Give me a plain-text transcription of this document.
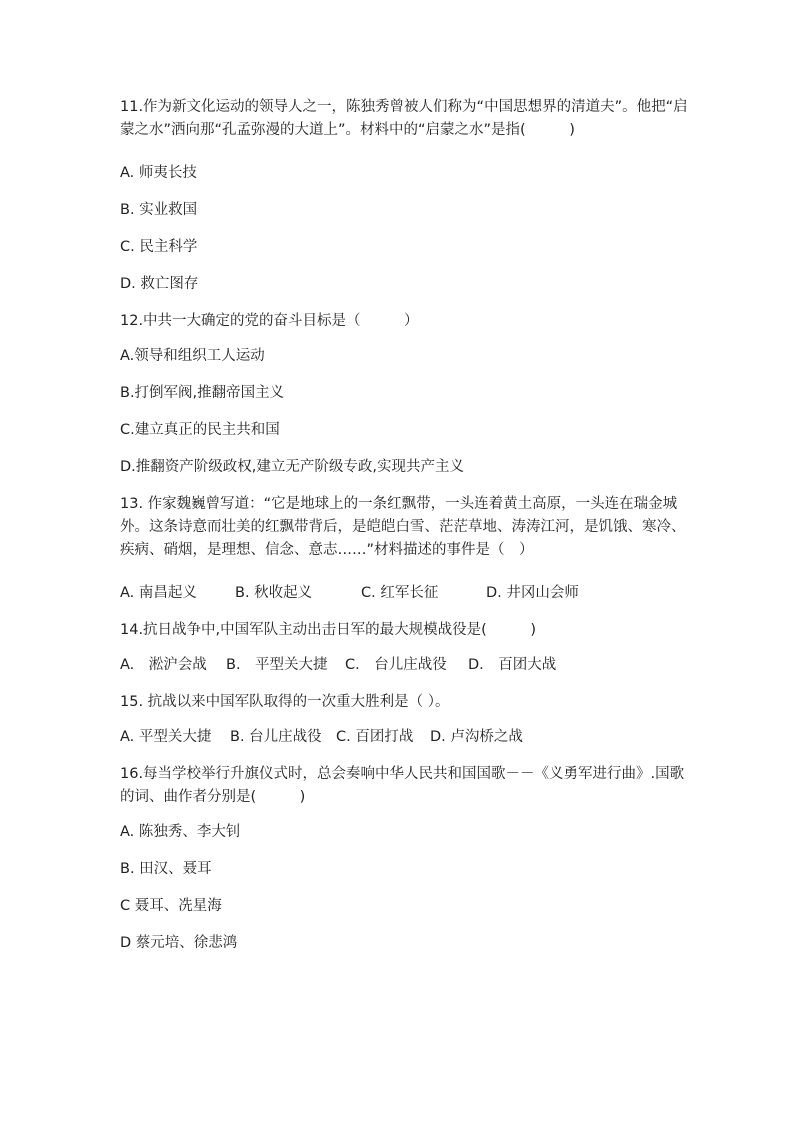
11.作为新文化运动的领导人之一，陈独秀曾被人们称为“中国思想界的清道夫”。他把“启蒙之水”洒向那“孔孟弥漫的大道上”。材料中的“启蒙之水”是指(　　　)
A. 师夷长技
B. 实业救国
C. 民主科学
D. 救亡图存
12.中共一大确定的党的奋斗目标是（　　　）
A.领导和组织工人运动
B.打倒军阀,推翻帝国主义
C.建立真正的民主共和国
D.推翻资产阶级政权,建立无产阶级专政,实现共产主义
13. 作家魏巍曾写道：“它是地球上的一条红飘带，一头连着黄土高原，一头连在瑞金城外。这条诗意而壮美的红飘带背后，是皑皑白雪、茫茫草地、涛涛江河，是饥饿、寒冷、疾病、硝烟，是理想、信念、意志……”材料描述的事件是（　）
A. 南昌起义	B. 秋收起义	C. 红军长征	D. 井冈山会师
14.抗日战争中,中国军队主动出击日军的最大规模战役是(　　　)
A.　淞沪会战	B.　平型关大捷	C.　台儿庄战役	D.　百团大战
15. 抗战以来中国军队取得的一次重大胜利是（ ）。
A. 平型关大捷	B. 台儿庄战役 C. 百团打战	D. 卢沟桥之战
16.每当学校举行升旗仪式时，总会奏响中华人民共和国国歌－－《义勇军进行曲》.国歌的词、曲作者分别是(　　　)
A. 陈独秀、李大钊
B. 田汉、聂耳
C 聂耳、冼星海
D 蔡元培、徐悲鸿
